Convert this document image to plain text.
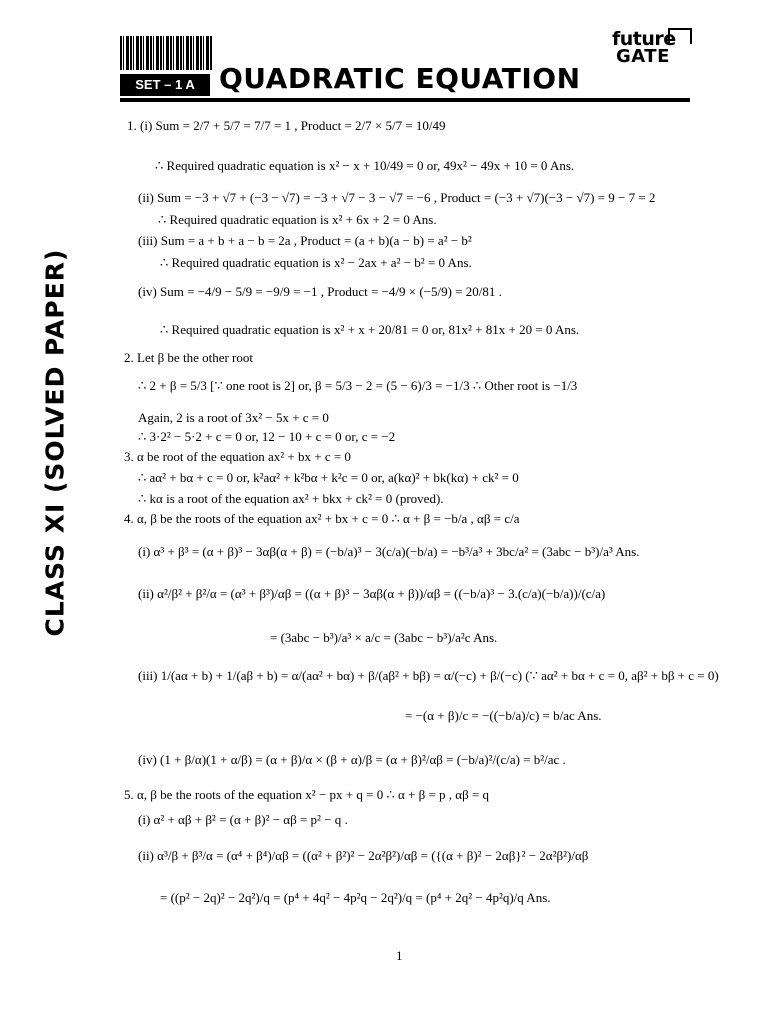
SET – 1 A QUADRATIC EQUATION
future
GATE
CLASS XI (SOLVED PAPER)
1. (i) Sum = 2/7 + 5/7 = 7/7 = 1 , Product = 2/7 × 5/7 = 10/49
∴ Required quadratic equation is x² − x + 10/49 = 0 or, 49x² − 49x + 10 = 0 Ans.
(ii) Sum = −3 + √7 + (−3 − √7) = −3 + √7 − 3 − √7 = −6 , Product = (−3 + √7)(−3 − √7) = 9 − 7 = 2
∴ Required quadratic equation is x² + 6x + 2 = 0 Ans.
(iii) Sum = a + b + a − b = 2a , Product = (a + b)(a − b) = a² − b²
∴ Required quadratic equation is x² − 2ax + a² − b² = 0 Ans.
(iv) Sum = −4/9 − 5/9 = −9/9 = −1 , Product = −4/9 × (−5/9) = 20/81 .
∴ Required quadratic equation is x² + x + 20/81 = 0 or, 81x² + 81x + 20 = 0 Ans.
2. Let β be the other root
∴ 2 + β = 5/3 [∵ one root is 2] or, β = 5/3 − 2 = (5 − 6)/3 = −1/3 ∴ Other root is −1/3
Again, 2 is a root of 3x² − 5x + c = 0
∴ 3·2² − 5·2 + c = 0 or, 12 − 10 + c = 0 or, c = −2
3. α be root of the equation ax² + bx + c = 0
∴ aα² + bα + c = 0 or, k²aα² + k²bα + k²c = 0 or, a(kα)² + bk(kα) + ck² = 0
∴ kα is a root of the equation ax² + bkx + ck² = 0 (proved).
4. α, β be the roots of the equation ax² + bx + c = 0 ∴ α + β = −b/a , αβ = c/a
(i) α³ + β³ = (α + β)³ − 3αβ(α + β) = (−b/a)³ − 3(c/a)(−b/a) = −b³/a³ + 3bc/a² = (3abc − b³)/a³ Ans.
(ii) α²/β² + β²/α = (α³ + β³)/αβ = ((α + β)³ − 3αβ(α + β))/αβ = ((−b/a)³ − 3.(c/a)(−b/a))/(c/a)
= (3abc − b³)/a³ × a/c = (3abc − b³)/a²c Ans.
(iii) 1/(aα + b) + 1/(aβ + b) = α/(aα² + bα) + β/(aβ² + bβ) = α/(−c) + β/(−c) (∵ aα² + bα + c = 0, aβ² + bβ + c = 0)
= −(α + β)/c = −((−b/a)/c) = b/ac Ans.
(iv) (1 + β/α)(1 + α/β) = (α + β)/α × (β + α)/β = (α + β)²/αβ = (−b/a)²/(c/a) = b²/ac .
5. α, β be the roots of the equation x² − px + q = 0 ∴ α + β = p , αβ = q
(i) α² + αβ + β² = (α + β)² − αβ = p² − q .
(ii) α³/β + β³/α = (α⁴ + β⁴)/αβ = ((α² + β²)² − 2α²β²)/αβ = ({(α + β)² − 2αβ}² − 2α²β²)/αβ
= ((p² − 2q)² − 2q²)/q = (p⁴ + 4q² − 4p²q − 2q²)/q = (p⁴ + 2q² − 4p²q)/q Ans.
1
